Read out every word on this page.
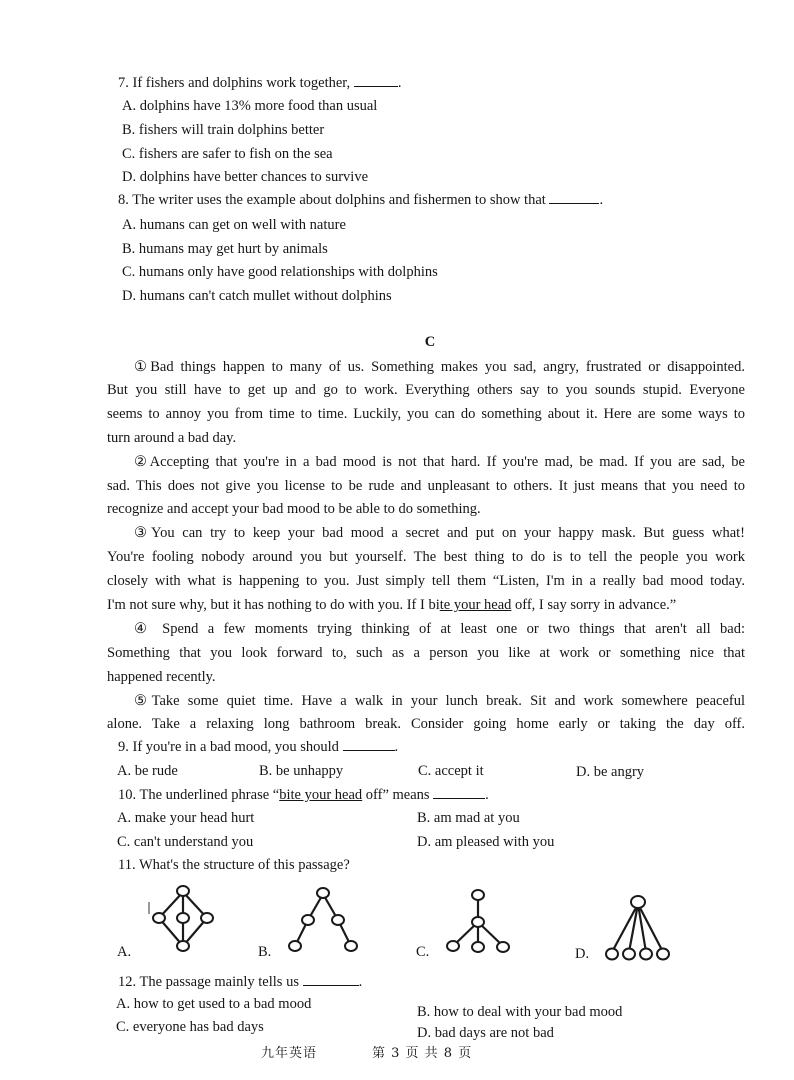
7. If fishers and dolphins work together,	.
A. dolphins have 13% more food than usual
B. fishers will train dolphins better
C. fishers are safer to fish on the sea
D. dolphins have better chances to survive
8. The writer uses the example about dolphins and fishermen to show that	.
A. humans can get on well with nature
B. humans may get hurt by animals
C. humans only have good relationships with dolphins
D. humans can't catch mullet without dolphins
C
①Bad things happen to many of us. Something makes you sad, angry, frustrated or disappointed.
But you still have to get up and go to work. Everything others say to you sounds stupid. Everyone
seems to annoy you from time to time. Luckily, you can do something about it. Here are some ways to
turn around a bad day.
②Accepting that you're in a bad mood is not that hard. If you're mad, be mad. If you are sad, be
sad. This does not give you license to be rude and unpleasant to others. It just means that you need to
recognize and accept your bad mood to be able to do something.
③You can try to keep your bad mood a secret and put on your happy mask. But guess what!
You're fooling nobody around you but yourself. The best thing to do is to tell the people you work
closely with what is happening to you. Just simply tell them “Listen, I'm in a really bad mood today.
I'm not sure why, but it has nothing to do with you. If I bite your head off, I say sorry in advance.”
④ Spend a few moments trying thinking of at least one or two things that aren't all bad:
Something that you look forward to, such as a person you like at work or something nice that
happened recently.
⑤Take some quiet time. Have a walk in your lunch break. Sit and work somewhere peaceful
alone. Take a relaxing long bathroom break. Consider going home early or taking the day off.
9. If you're in a bad mood, you should	.
A. be rude	B. be unhappy	C. accept it	D. be angry
10. The underlined phrase “bite your head off” means	.
A. make your head hurt	B. am mad at you
C. can't understand you	D. am pleased with you
11. What's the structure of this passage?
A.	B.	C.	D.
12. The passage mainly tells us	.
A. how to get used to a bad mood	B. how to deal with your bad mood
C. everyone has bad days	D. bad days are not bad
九年英语	第 3 页 共 8 页
